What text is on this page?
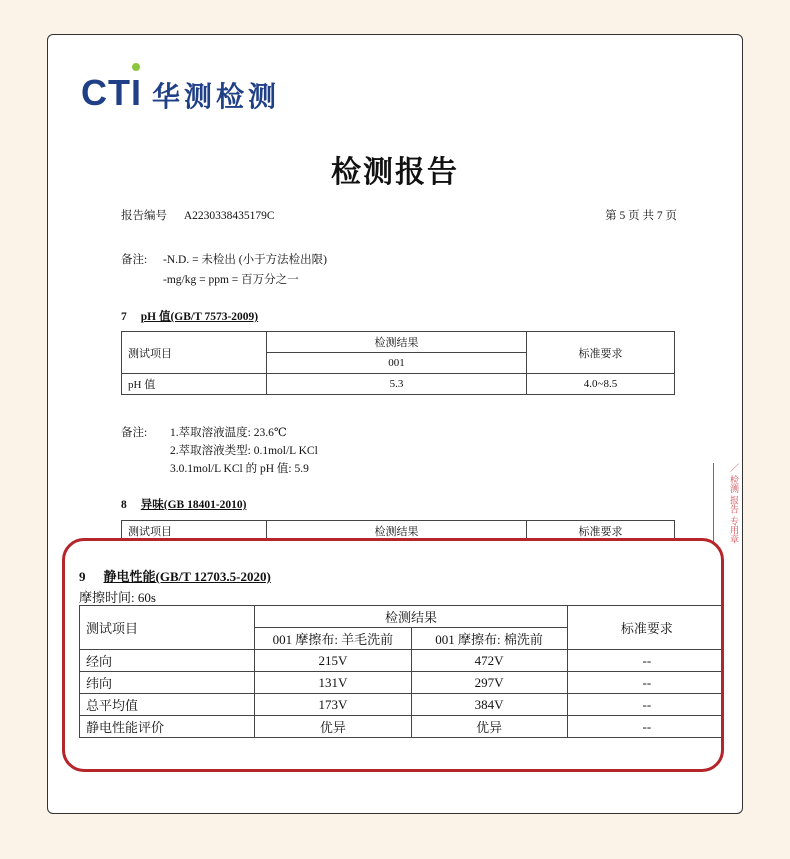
CTI 华测检测
检测报告
报告编号 A2230338435179C	第 5 页 共 7 页
备注: -N.D. = 未检出 (小于方法检出限)
-mg/kg = ppm = 百万分之一
7 pH 值(GB/T 7573-2009)
测试项目	检测结果	标准要求
	001	
pH 值	5.3	4.0~8.5
备注: 1.萃取溶液温度: 23.6℃
2.萃取溶液类型: 0.1mol/L KCl
3.0.1mol/L KCl 的 pH 值: 5.9
8 异味(GB 18401-2010)
测试项目	检测结果	标准要求	／ 检测 报告 专用章
9 静电性能(GB/T 12703.5-2020)
摩擦时间: 60s
测试项目	检测结果		标准要求
	001 摩擦布: 羊毛洗前	001 摩擦布: 棉洗前	
经向	215V	472V	--
纬向	131V	297V	--
总平均值	173V	384V	--
静电性能评价	优异	优异	--
